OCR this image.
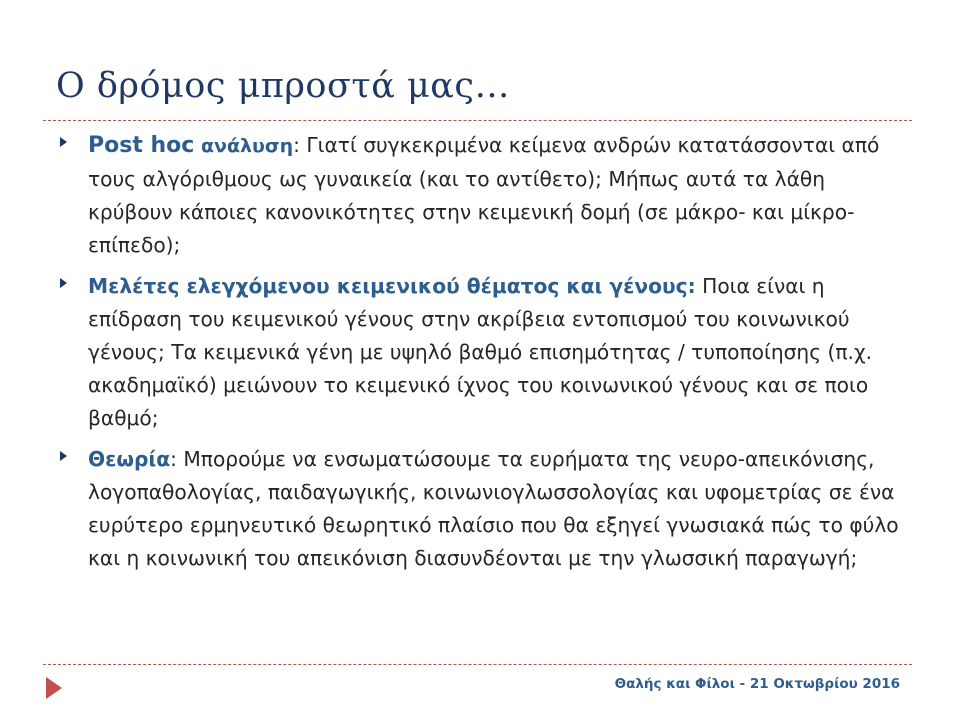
Ο δρόμος μπροστά μας…
Post hoc ανάλυση: Γιατί συγκεκριμένα κείμενα ανδρών κατατάσσονται από τους αλγόριθμους ως γυναικεία (και το αντίθετο); Μήπως αυτά τα λάθη κρύβουν κάποιες κανονικότητες στην κειμενική δομή (σε μάκρο- και μίκρο- επίπεδο);
Μελέτες ελεγχόμενου κειμενικού θέματος και γένους: Ποια είναι η επίδραση του κειμενικού γένους στην ακρίβεια εντοπισμού του κοινωνικού γένους; Τα κειμενικά γένη με υψηλό βαθμό επισημότητας / τυποποίησης (π.χ. ακαδημαϊκό) μειώνουν το κειμενικό ίχνος του κοινωνικού γένους και σε ποιο βαθμό;
Θεωρία: Μπορούμε να ενσωματώσουμε τα ευρήματα της νευρο-απεικόνισης, λογοπαθολογίας, παιδαγωγικής, κοινωνιογλωσσολογίας και υφομετρίας σε ένα ευρύτερο ερμηνευτικό θεωρητικό πλαίσιο που θα εξηγεί γνωσιακά πώς το φύλο και η κοινωνική του απεικόνιση διασυνδέονται με την γλωσσική παραγωγή;
Θαλής και Φίλοι - 21 Οκτωβρίου 2016
